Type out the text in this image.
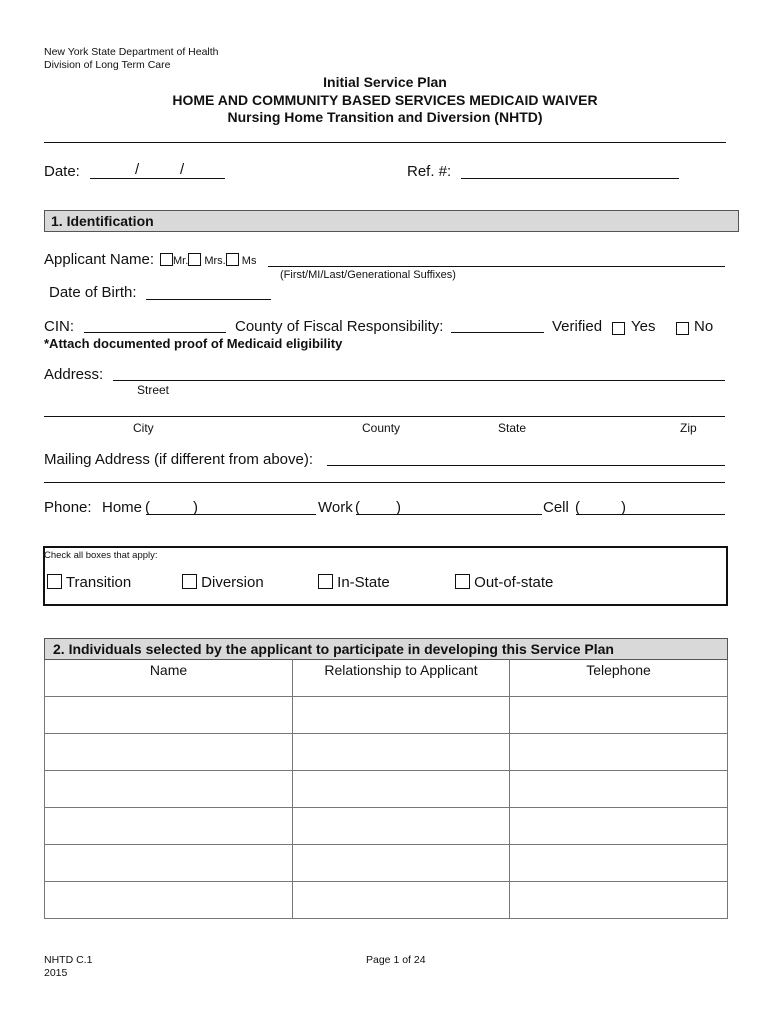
New York State Department of Health
Division of Long Term Care
Initial Service Plan
HOME AND COMMUNITY BASED SERVICES MEDICAID WAIVER
Nursing Home Transition and Diversion (NHTD)
Date:	/	/	Ref. #:
1. Identification
Applicant Name:	Mr. Mrs. Ms
(First/MI/Last/Generational Suffixes)
Date of Birth:
CIN:	County of Fiscal Responsibility:	Verified Yes	No
*Attach documented proof of Medicaid eligibility
Address:
Street
City	County	State	Zip
Mailing Address (if different from above):
Phone: Home (	)	Work ( )	Cell (	)
Check all boxes that apply:
Transition	Diversion	In-State	Out-of-state
2. Individuals selected by the applicant to participate in developing this Service Plan		
Name	Relationship to Applicant	Telephone

NHTD C.1
2015
Page 1 of 24
